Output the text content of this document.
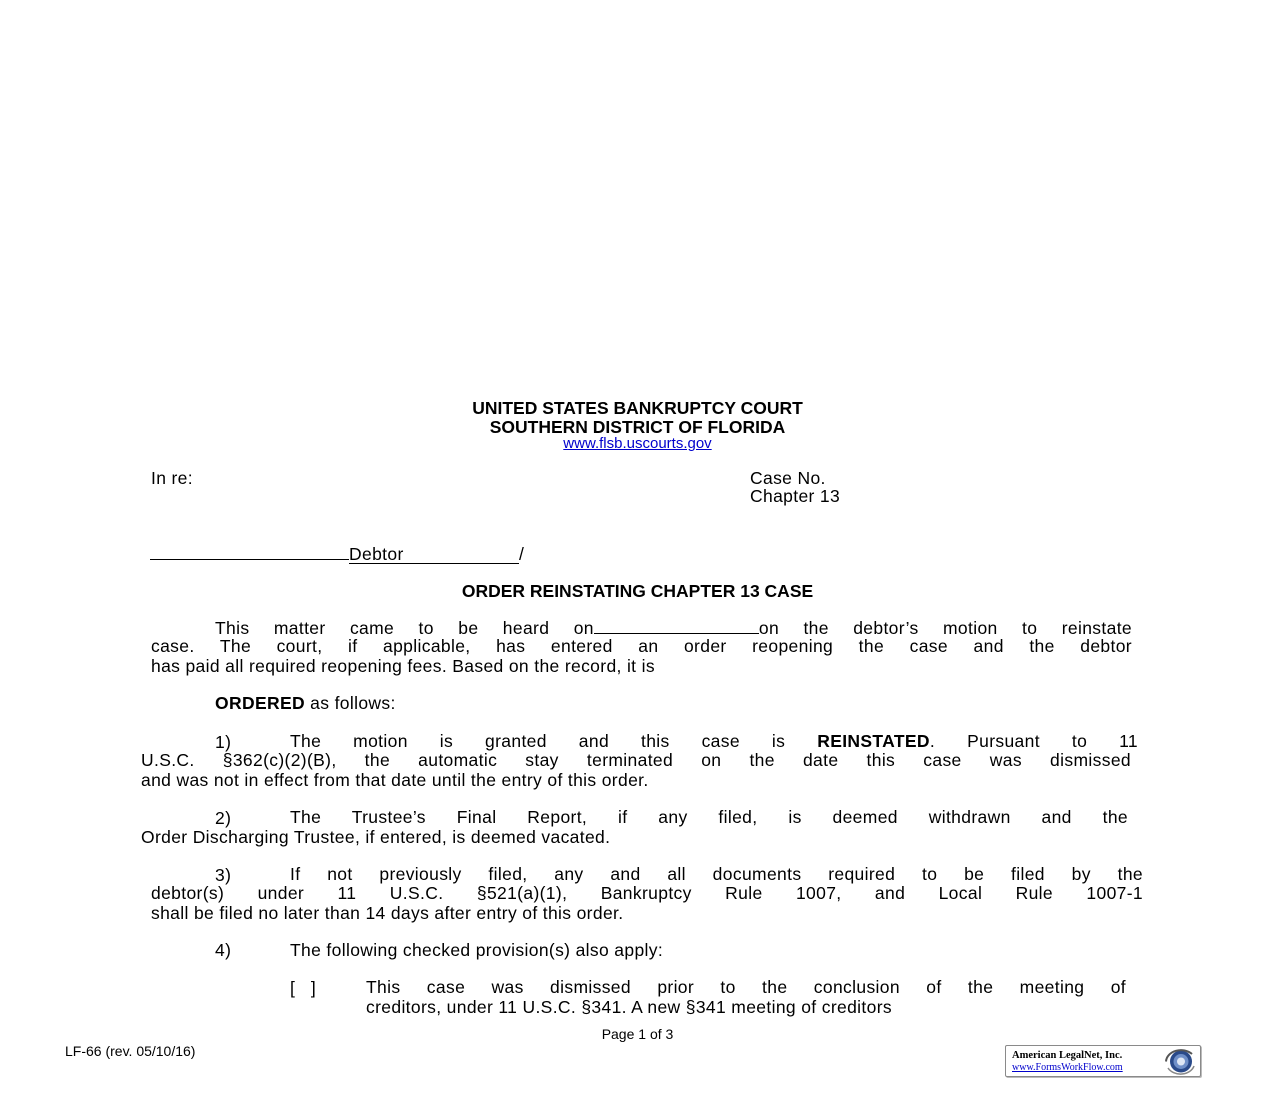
UNITED STATES BANKRUPTCY COURT
SOUTHERN DISTRICT OF FLORIDA
www.flsb.uscourts.gov
In re:	Case No.
Chapter 13
Debtor	/
ORDER REINSTATING CHAPTER 13 CASE
This matter came to be heard on	on the debtor’s motion to reinstate
case. The court, if applicable, has entered an order reopening the case and the debtor
has paid all required reopening fees. Based on the record, it is
ORDERED as follows:
1)	The motion is granted and this case is REINSTATED. Pursuant to 11
U.S.C. §362(c)(2)(B), the automatic stay terminated on the date this case was dismissed
and was not in effect from that date until the entry of this order.
2)	The Trustee’s Final Report, if any filed, is deemed withdrawn and the
Order Discharging Trustee, if entered, is deemed vacated.
3)	If not previously filed, any and all documents required to be filed by the
debtor(s) under 11 U.S.C. §521(a)(1), Bankruptcy Rule 1007, and Local Rule 1007-1
shall be filed no later than 14 days after entry of this order.
4)	The following checked provision(s) also apply:
[   ]	This case was dismissed prior to the conclusion of the meeting of
creditors, under 11 U.S.C. §341. A new §341 meeting of creditors
Page 1 of 3
LF-66 (rev. 05/10/16)	American LegalNet, Inc.
www.FormsWorkFlow.com
